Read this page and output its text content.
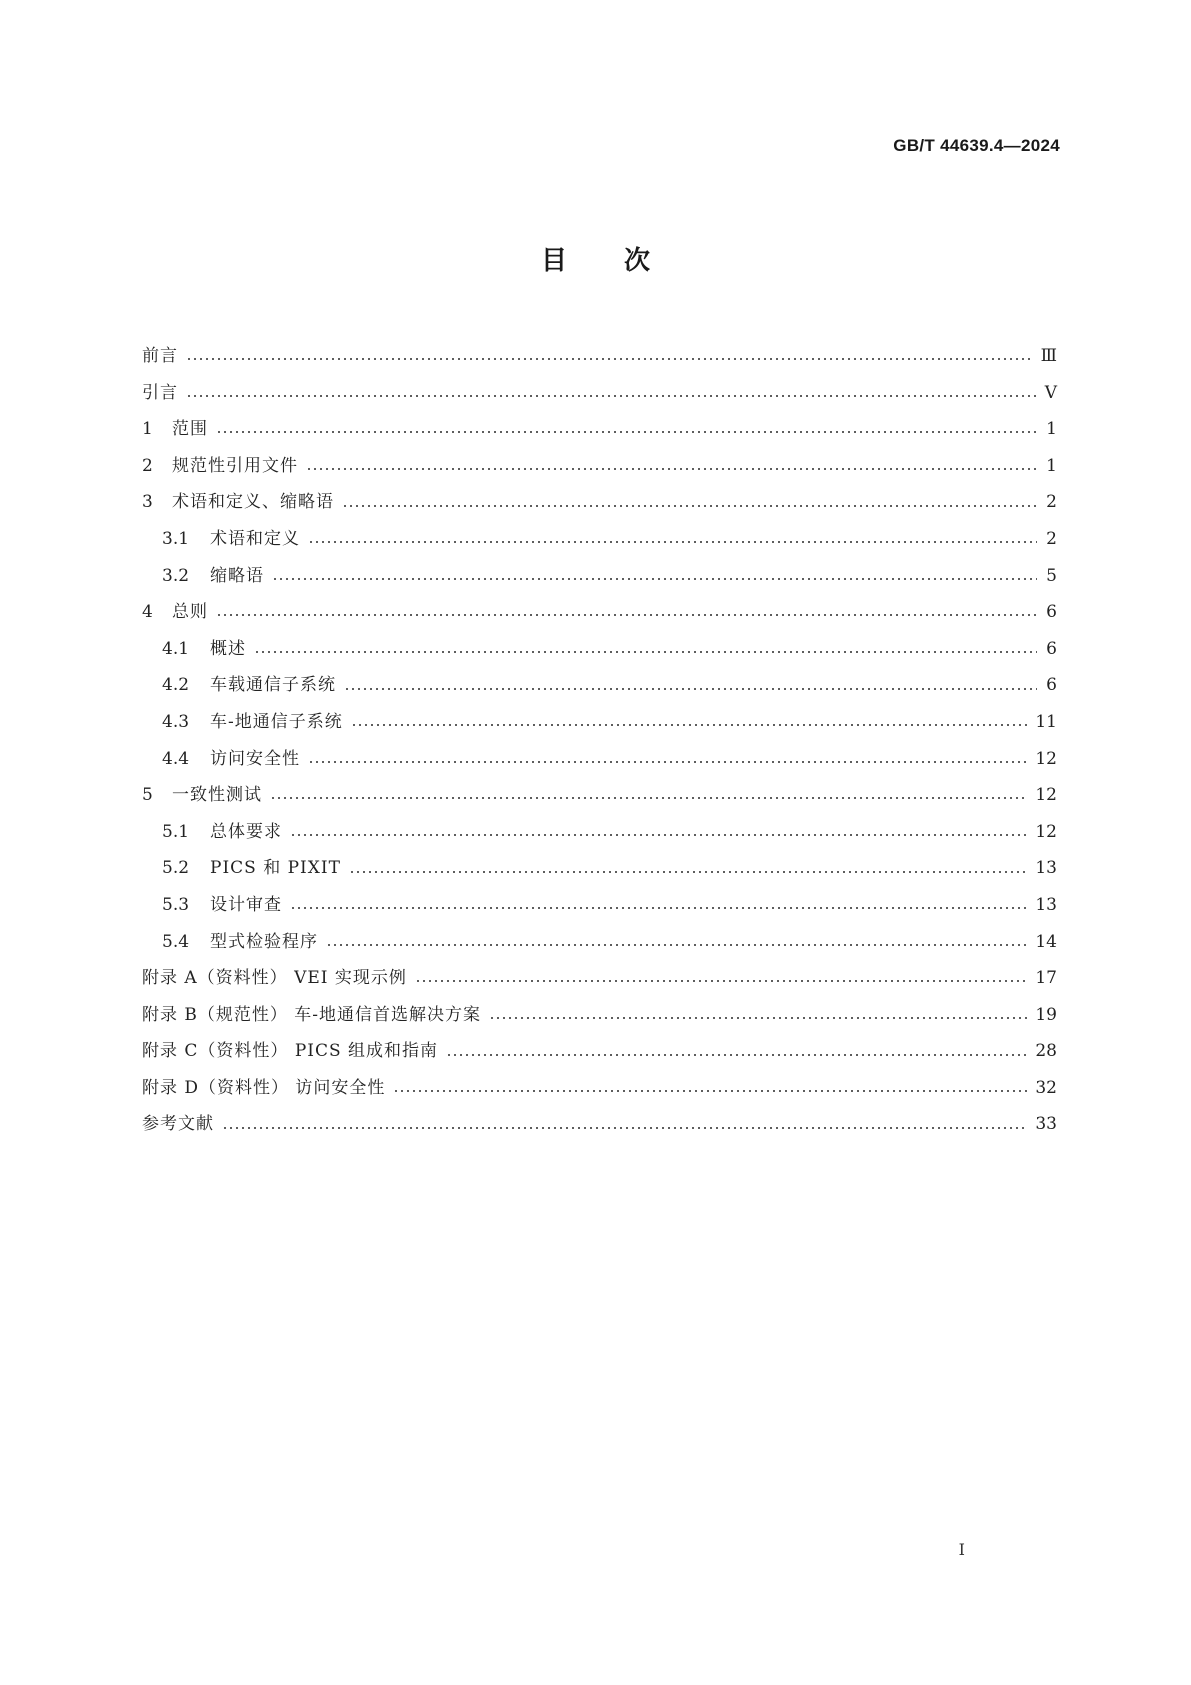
GB/T 44639.4—2024
目 次
前言	Ⅲ
引言	Ⅴ
1	范围	1
2	规范性引用文件	1
3	术语和定义、缩略语	2
3.1	术语和定义	2
3.2	缩略语	5
4	总则	6
4.1	概述	6
4.2	车载通信子系统	6
4.3	车-地通信子系统	11
4.4	访问安全性	12
5	一致性测试	12
5.1	总体要求	12
5.2	PICS 和 PIXIT	13
5.3	设计审查	13
5.4	型式检验程序	14
附录 A（资料性） VEI 实现示例	17
附录 B（规范性） 车-地通信首选解决方案	19
附录 C（资料性） PICS 组成和指南	28
附录 D（资料性） 访问安全性	32
参考文献	33
Ⅰ
